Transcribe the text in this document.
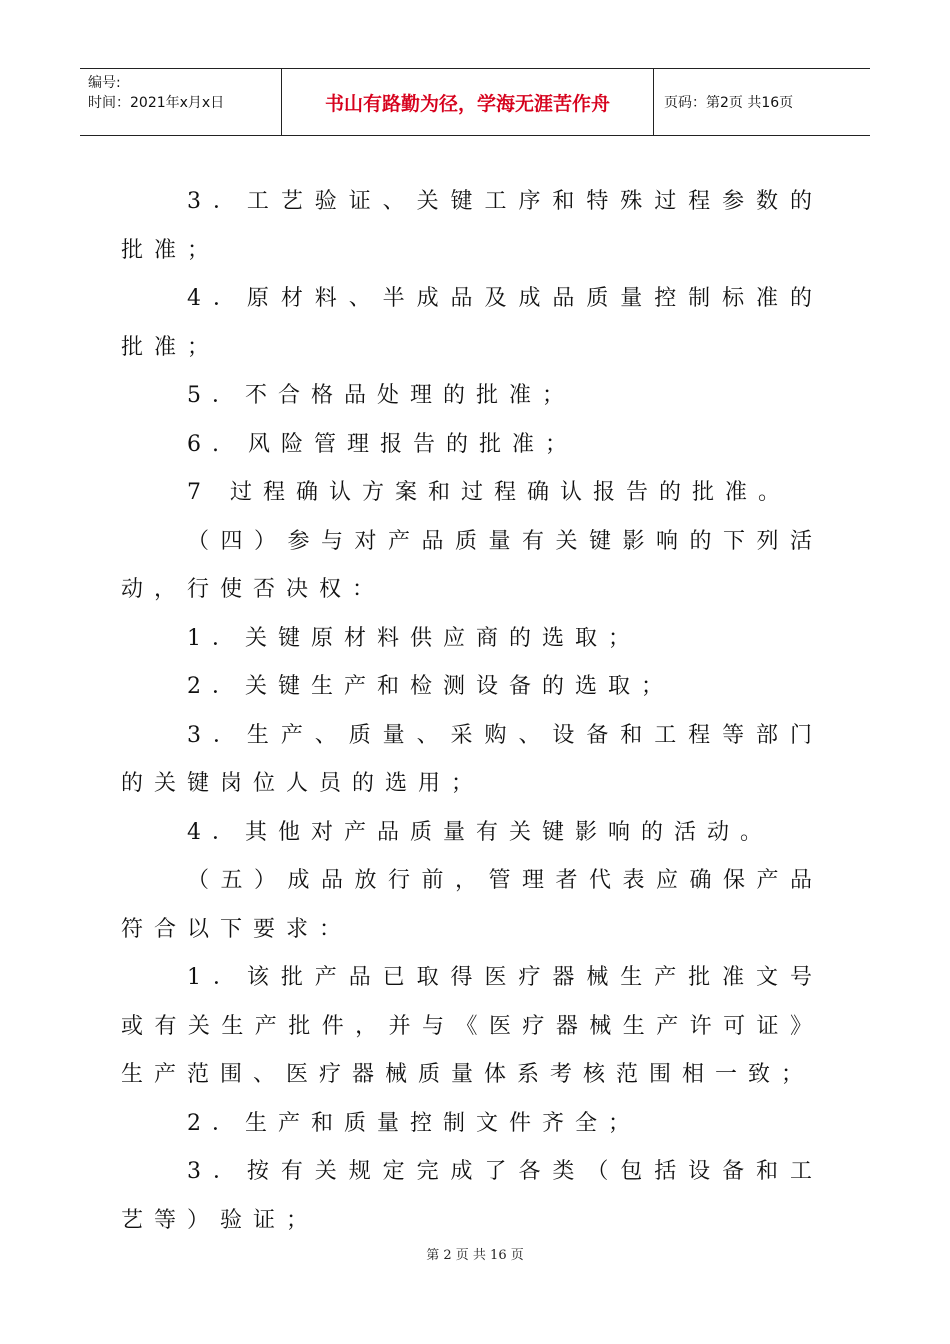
编号:
时间：2021年x月x日	书山有路勤为径，学海无涯苦作舟	页码：第2页 共16页

3．工艺验证、关键工序和特殊过程参数的批准；

4．原材料、半成品及成品质量控制标准的批准；

5．不合格品处理的批准；

6. 风险管理报告的批准；

7 过程确认方案和过程确认报告的批准。

（四）参与对产品质量有关键影响的下列活动，行使否决权：

1．关键原材料供应商的选取；

2．关键生产和检测设备的选取；

3．生产、质量、采购、设备和工程等部门的关键岗位人员的选用；

4．其他对产品质量有关键影响的活动。

（五）成品放行前，管理者代表应确保产品符合以下要求：

1．该批产品已取得医疗器械生产批准文号或有关生产批件，并与《医疗器械生产许可证》生产范围、医疗器械质量体系考核范围相一致；

2．生产和质量控制文件齐全；

3．按有关规定完成了各类（包括设备和工艺等）验证；

第 2 页 共 16 页
